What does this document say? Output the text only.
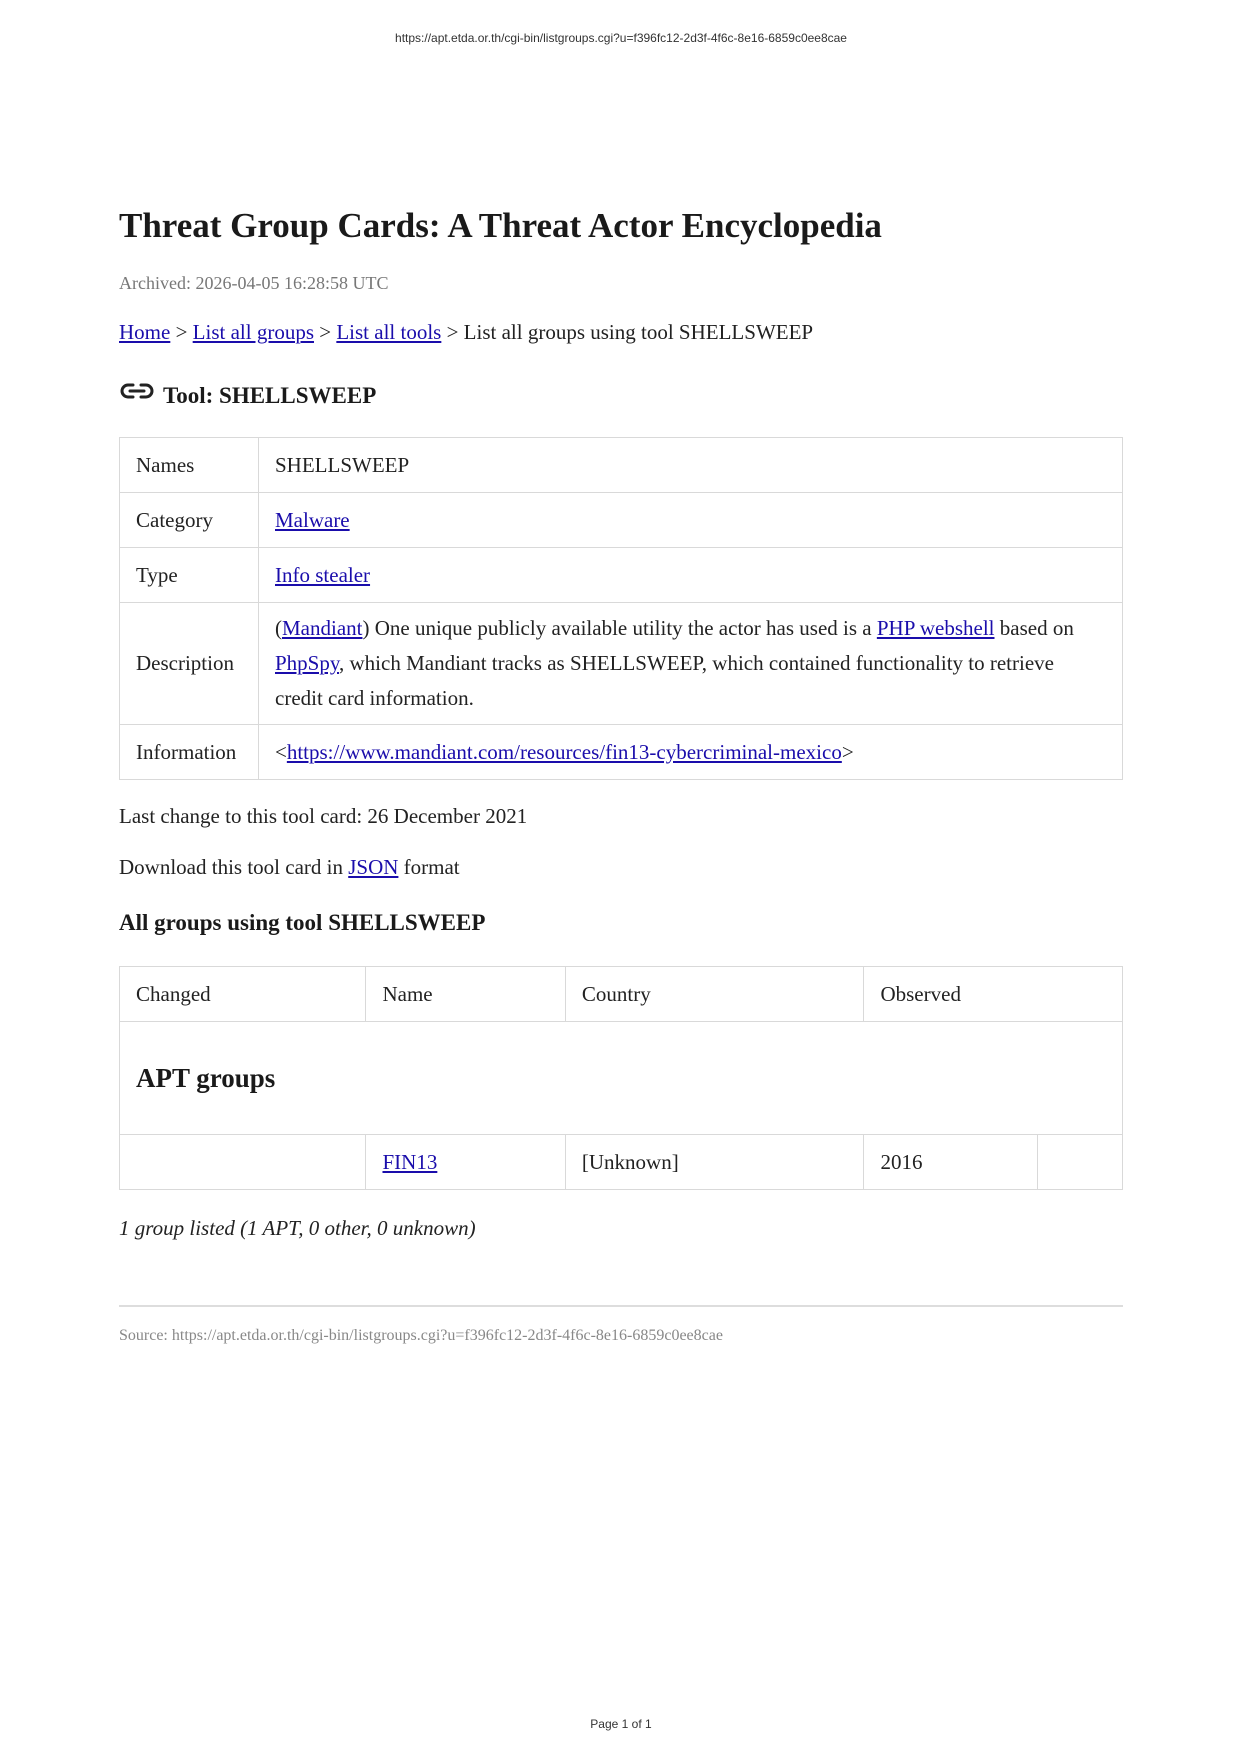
https://apt.etda.or.th/cgi-bin/listgroups.cgi?u=f396fc12-2d3f-4f6c-8e16-6859c0ee8cae
Threat Group Cards: A Threat Actor Encyclopedia
Archived: 2026-04-05 16:28:58 UTC
Home > List all groups > List all tools > List all groups using tool SHELLSWEEP
Tool: SHELLSWEEP
Names	SHELLSWEEP
Category	Malware
Type	Info stealer
Description	(Mandiant) One unique publicly available utility the actor has used is a PHP webshell based on PhpSpy, which Mandiant tracks as SHELLSWEEP, which contained functionality to retrieve credit card information.
Information	<https://www.mandiant.com/resources/fin13-cybercriminal-mexico>
Last change to this tool card: 26 December 2021
Download this tool card in JSON format
All groups using tool SHELLSWEEP
Changed	Name	Country	Observed	
APT groups				
	FIN13	[Unknown]	2016	
1 group listed (1 APT, 0 other, 0 unknown)
Source: https://apt.etda.or.th/cgi-bin/listgroups.cgi?u=f396fc12-2d3f-4f6c-8e16-6859c0ee8cae
Page 1 of 1
